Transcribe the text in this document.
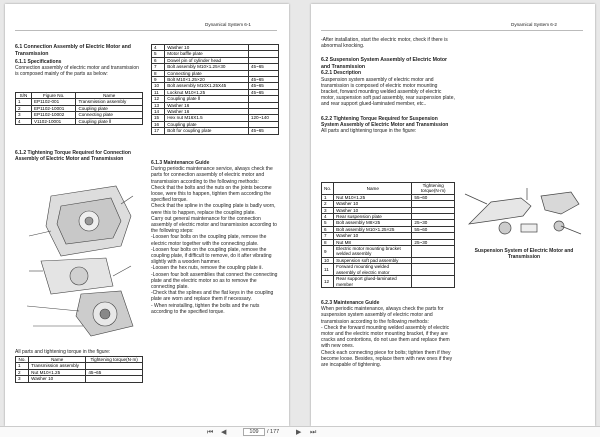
Dynamical System 6-1

6.1 Connection Assembly of Electric Motor and Transmission

6.1.1 Specifications

Connection assembly of electric motor and transmission is composed mainly of the parts as below:

S/N	Figure No.	Name
1	EP1102-001	Transmission assembly
2	EP1102-10001	Coupling plate
3	EP1102-10002	Connecting plate
4	V1102-10001	Coupling plate Ⅱ

6.1.2 Tightening Torque Required for Connection Assembly of Electric Motor and Transmission

All parts and tightening torque in the figure:

No.	Name	Tightening torque(N·m)
1	Transmission assembly	
2	Nut M10×1.25	45~65
3	Washer 10	
4	Washer 10	
5	Motor baffle plate	
6	Dowel pin of cylinder head	
7	Bolt assembly M10×1.25×30	45~65
8	Connecting plate	
9	Bolt M10×1.25×20	45~65
10	Bolt assembly M10X1.25X45	45~65
11	Locknut M10×1.25	45~65
12	Coupling plate Ⅱ	
13	Washer 16	
14	Washer 16	
15	Hex nut M16X1.5	120~140
16	Coupling plate	
17	Bolt for coupling plate	45~65

6.1.3 Maintenance Guide

During periodic maintenance service, always check the parts for connection assembly of electric motor and transmission according to the following methods:

Check that the bolts and the nuts on the joints become loose, were this to happen, tighten them according the specified torque.

Check that the spline in the coupling plate is badly worn, were this to happen, replace the coupling plate.

Carry out general maintenance for the connection assembly of electric motor and transmission according to the following steps:

-Loosen four bolts on the coupling plate, remove the electric motor together with the connecting plate.

-Loosen four bolts on the coupling plate, remove the coupling plate, if difficult to remove, do it after vibrating slightly with a wooden hammer.

-Loosen the hex nuts, remove the coupling plate Ⅱ.

-Loosen four bolt assemblies that connect the connecting plate and the electric motor so as to remove the connecting plate.

-Check that the splines and the flat keys in the coupling plate are worn and replace them if necessary.

- When reinstalling, tighten the bolts and the nuts according to the specified torque.

Dynamical System 6-2

-After installation, start the electric motor, check if there is abnormal knocking.

6.2 Suspension System Assembly of Electric Motor and Transmission

6.2.1 Description

Suspension system assembly of electric motor and transmission is composed of electric motor mounting bracket, forward mounting welded assembly of electric motor, suspension soft pad assembly, rear suspension plate, and rear support glued-laminated member, etc..

6.2.2 Tightening Torque Required for Suspension System Assembly of Electric Motor and Transmission

All parts and tightening torque in the figure:

No.	Name	Tightening torque(N·m)
1	Nut M10×1.25	55~60
2	Washer 10	
3	Washer 10	
4	Rear suspension plate	
5	Bolt assembly M8×25	25~30
6	Bolt assembly M10×1.25×25	55~60
7	Washer 10	
8	Nut M8	25~30
9	Electric motor mounting bracket welded assembly	
10	Suspension soft pad assembly	
11	Forward mounting welded assembly of electric motor	
12	Rear support glued-laminated member	

6.2.3 Maintenance Guide

When periodic maintenance, always check the parts for suspension system assembly of electric motor and transmission according to the following methods:

- Check the forward mounting welded assembly of electric motor and the electric motor mounting bracket, if they are cracks and contortions, do not use them and replace them with new ones.

Check each connecting piece for bolts; tighten them if they become loose. Besides, replace them with new ones if they are incapable of tightening.

Suspension System of Electric Motor and Transmission

⏮ ◀
109	/ 177 ▶ ⏭
